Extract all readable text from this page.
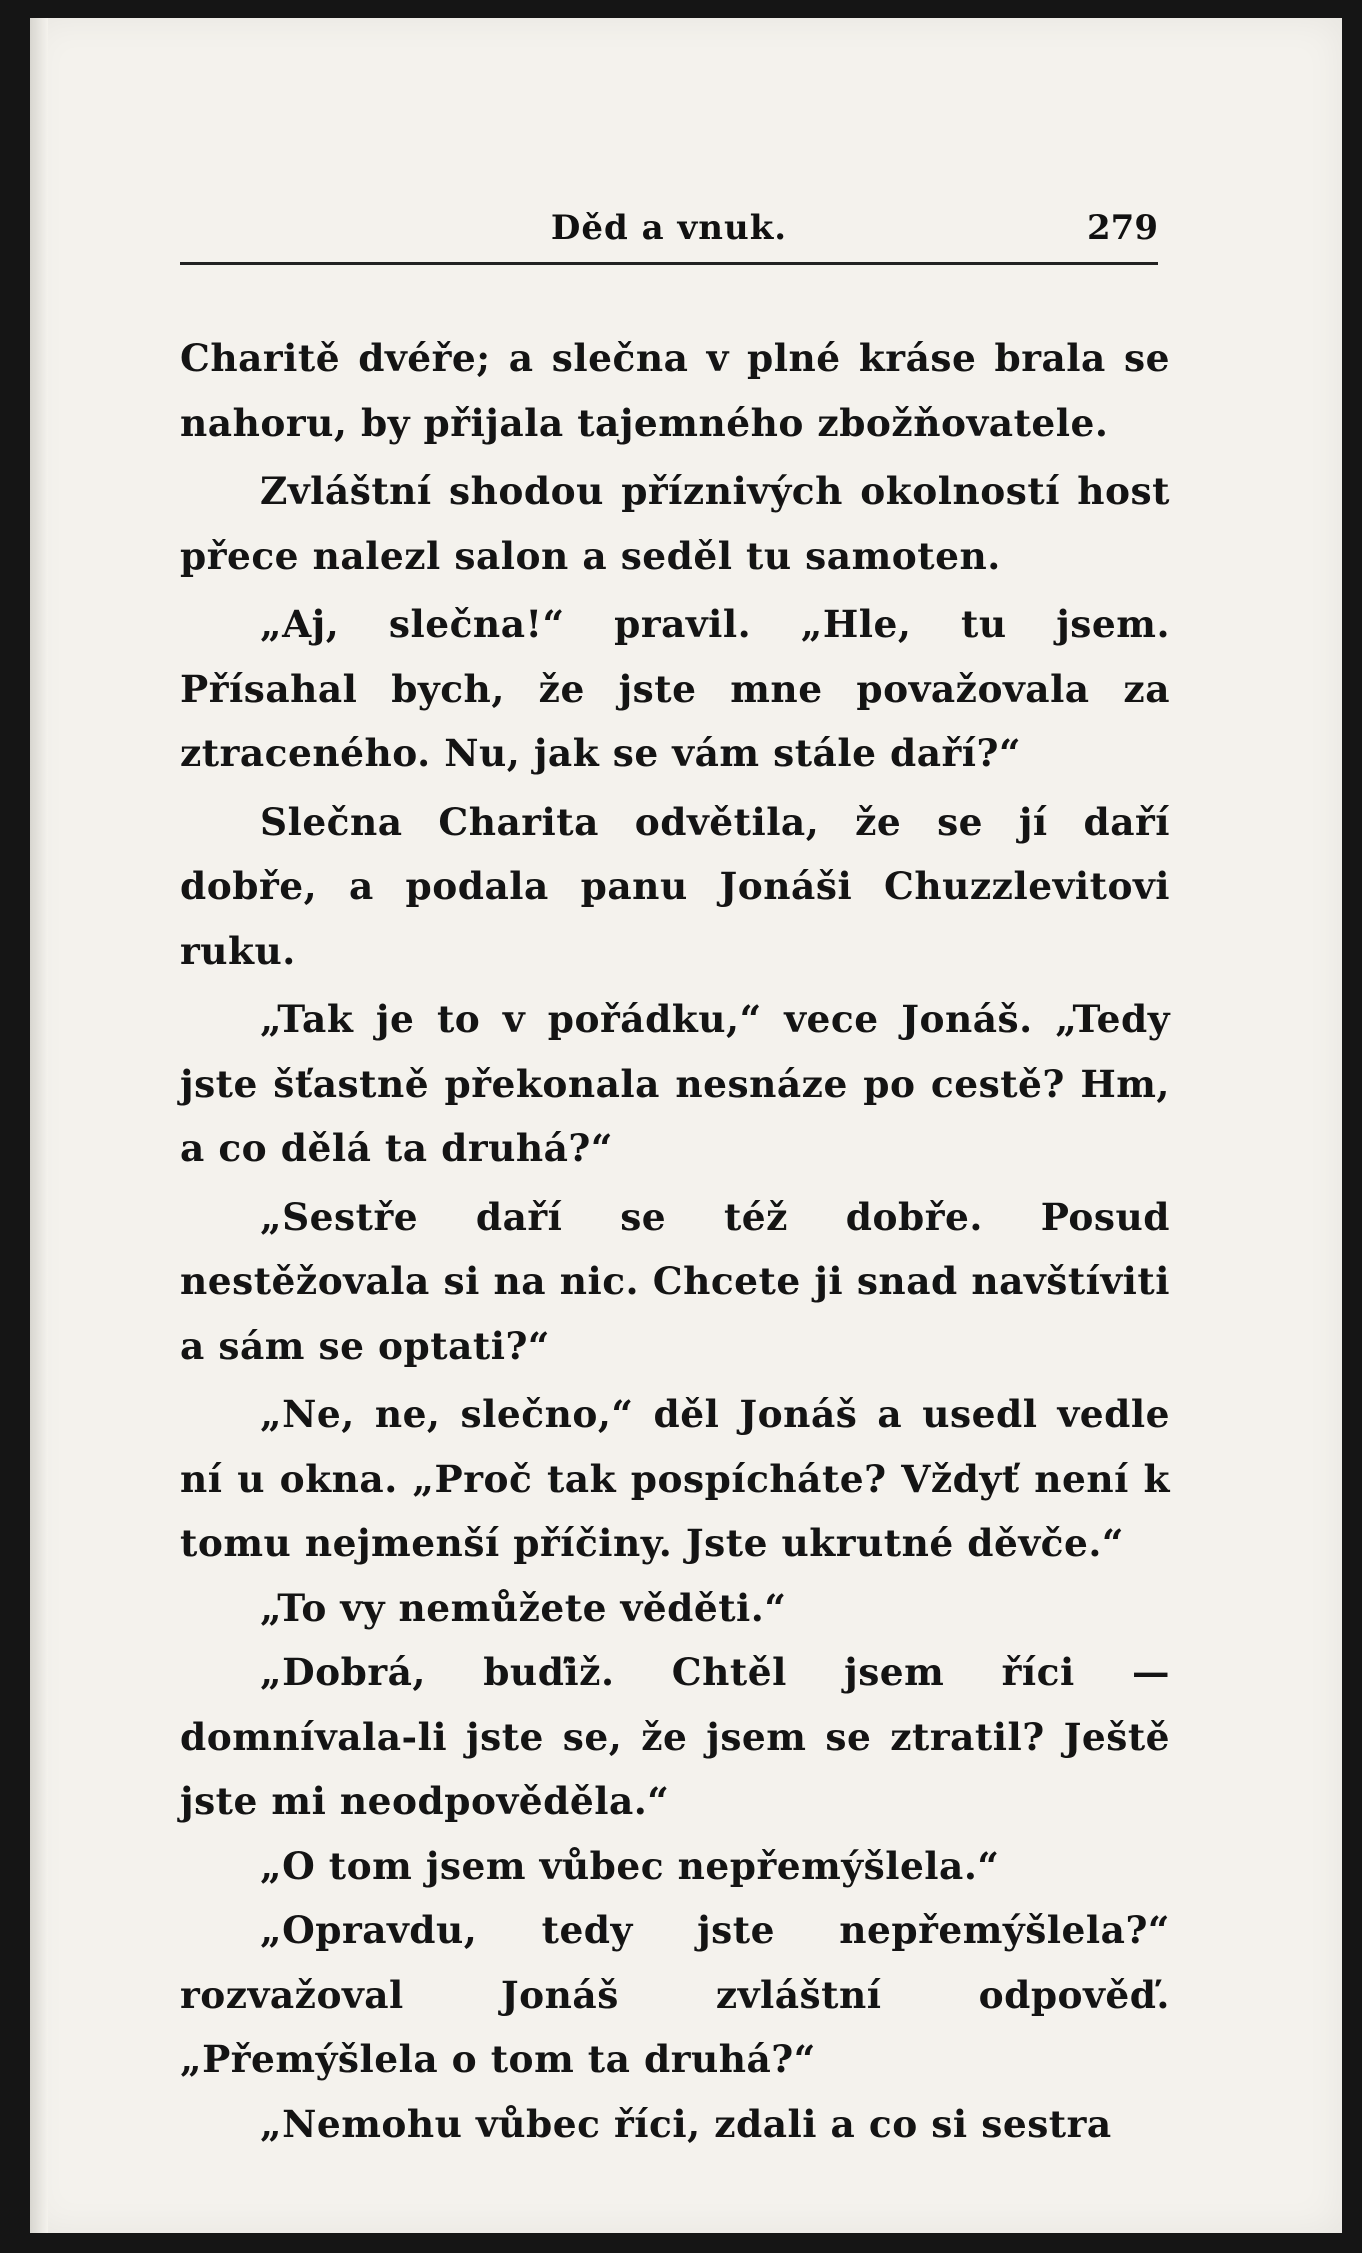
Děd a vnuk.	279

Charitě dvéře; a slečna v plné kráse brala se nahoru, by přijala tajemného zbožňovatele.

Zvláštní shodou příznivých okolností host přece nalezl salon a seděl tu samoten.

„Aj, slečna!“ pravil. „Hle, tu jsem. Přísahal bych, že jste mne považovala za ztraceného. Nu, jak se vám stále daří?“

Slečna Charita odvětila, že se jí daří dobře, a podala panu Jonáši Chuzzlevitovi ruku.

„Tak je to v pořádku,“ vece Jonáš. „Tedy jste šťastně překonala nesnáze po cestě? Hm, a co dělá ta druhá?“

„Sestře daří se též dobře. Posud nestěžovala si na nic. Chcete ji snad navštíviti a sám se optati?“

„Ne, ne, slečno,“ děl Jonáš a usedl vedle ní u okna. „Proč tak pospícháte? Vždyť není k tomu nejmenší příčiny. Jste ukrutné děvče.“

„To vy nemůžete věděti.“

„Dobrá, buďiž. Chtěl jsem říci — domnívala-li jste se, že jsem se ztratil? Ještě jste mi neodpověděla.“

„O tom jsem vůbec nepřemýšlela.“

„Opravdu, tedy jste nepřemýšlela?“ rozvažoval Jonáš zvláštní odpověď. „Přemýšlela o tom ta druhá?“

„Nemohu vůbec říci, zdali a co si sestra
